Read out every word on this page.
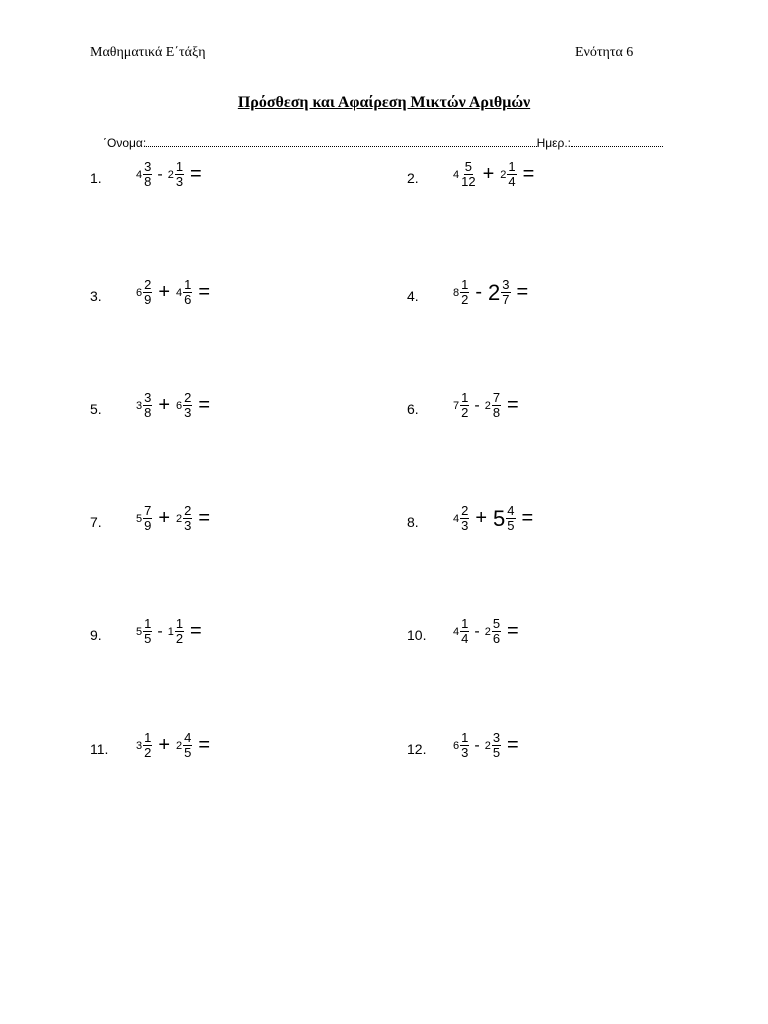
Μαθηματικά Ε΄τάξη	Ενότητα 6
Πρόσθεση και Αφαίρεση Μικτών Αριθμών
΄Ονομα:	Ημερ.:
1.	$4 \frac{3}{8} - 2 \frac{1}{3}$ =	2.	$4 \frac{5}{12} + 2 \frac{1}{4}$ =
3.	$6 \frac{2}{9} + 4 \frac{1}{6}$ =	4.	$8 \frac{1}{2} - 2 \frac{3}{7}$ =
5.	$3 \frac{3}{8} + 6 \frac{2}{3}$ =	6.	$7 \frac{1}{2} - 2 \frac{7}{8}$ =
7.	$5 \frac{7}{9} + 2 \frac{2}{3}$ =	8.	$4 \frac{2}{3} + 5 \frac{4}{5}$ =
9.	$5 \frac{1}{5} - 1 \frac{1}{2}$ =	10.	$4 \frac{1}{4} - 2 \frac{5}{6}$ =
11.	$3 \frac{1}{2} + 2 \frac{4}{5}$ =	12.	$6 \frac{1}{3} - 2 \frac{3}{5}$ =
